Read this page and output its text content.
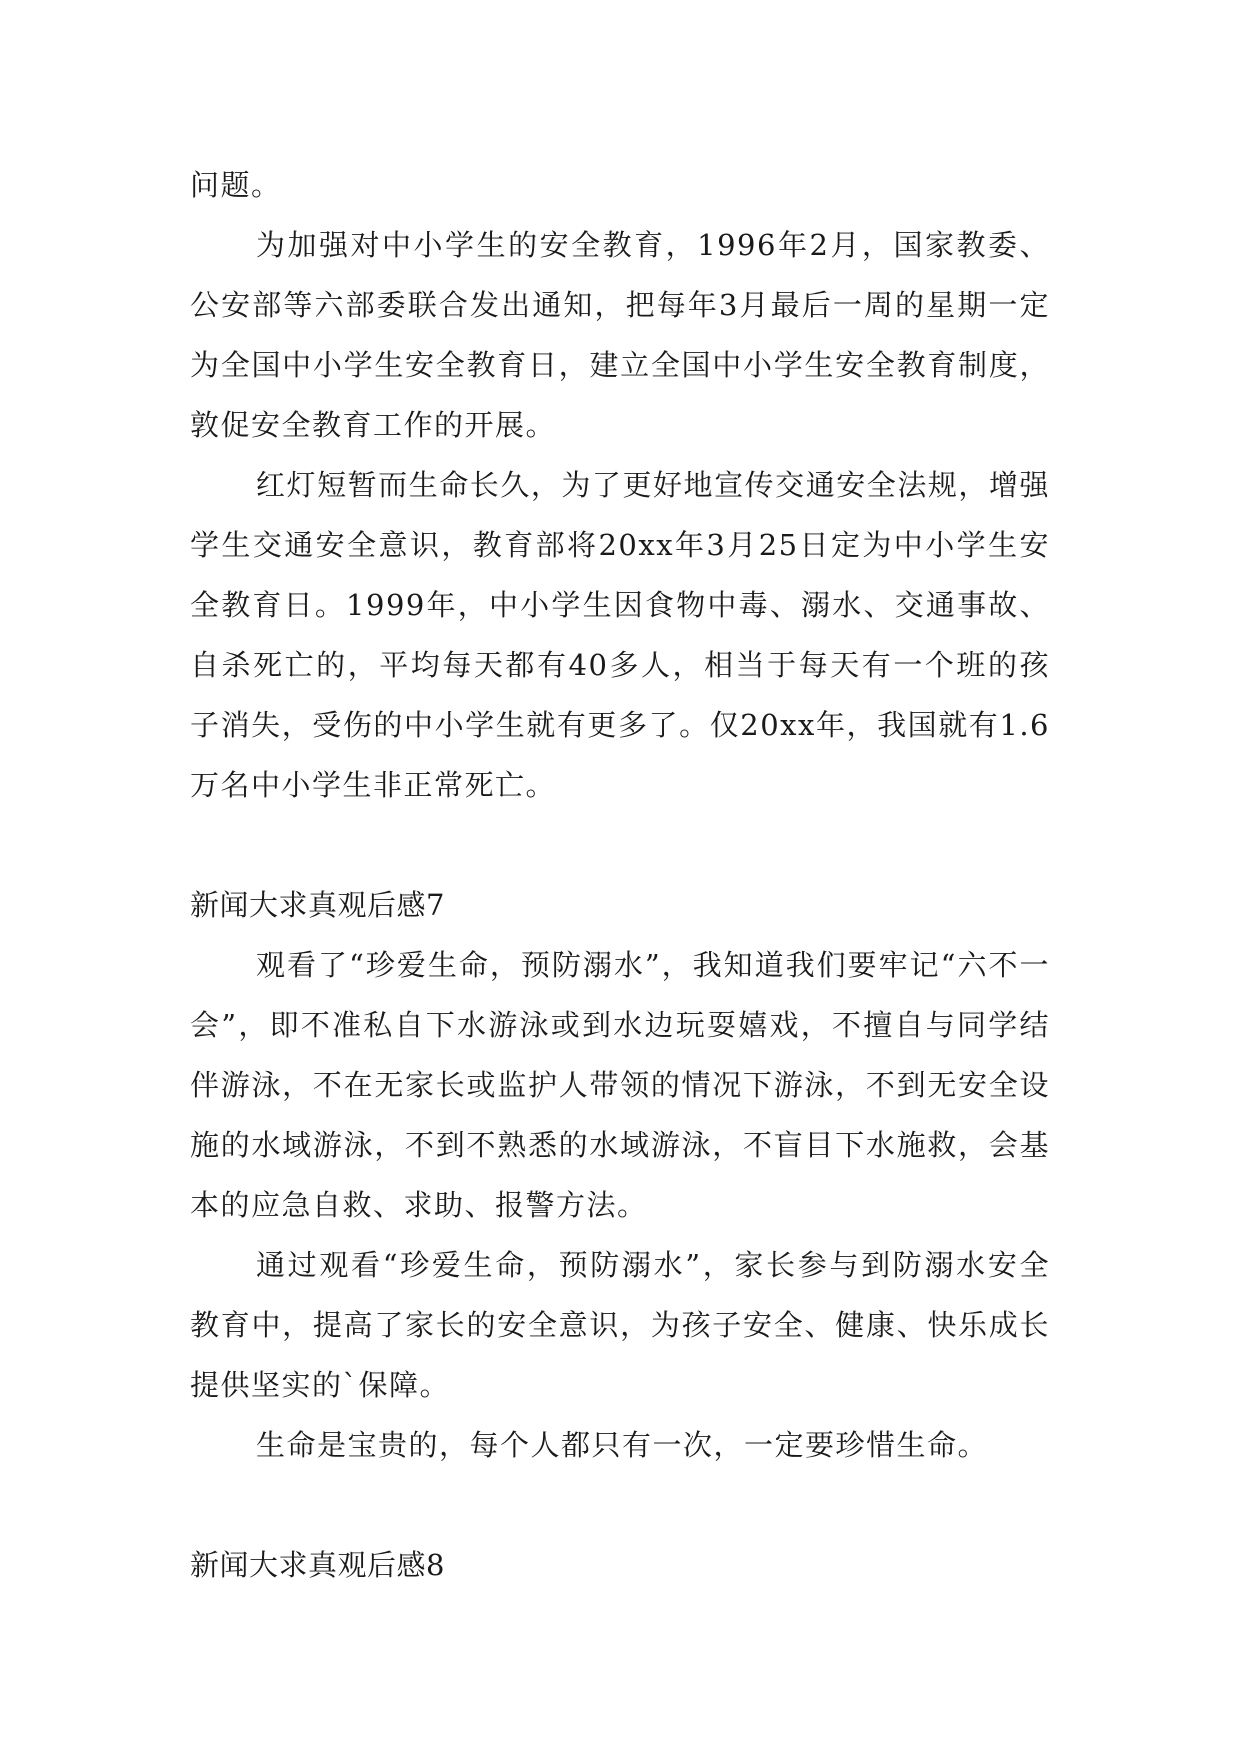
问题。

为加强对中小学生的安全教育，1996年2月，国家教委、公安部等六部委联合发出通知，把每年3月最后一周的星期一定为全国中小学生安全教育日，建立全国中小学生安全教育制度，敦促安全教育工作的开展。

红灯短暂而生命长久，为了更好地宣传交通安全法规，增强学生交通安全意识，教育部将20xx年3月25日定为中小学生安全教育日。1999年，中小学生因食物中毒、溺水、交通事故、自杀死亡的，平均每天都有40多人，相当于每天有一个班的孩子消失，受伤的中小学生就有更多了。仅20xx年，我国就有1.6万名中小学生非正常死亡。

新闻大求真观后感7

观看了“珍爱生命，预防溺水”，我知道我们要牢记“六不一会”，即不准私自下水游泳或到水边玩耍嬉戏，不擅自与同学结伴游泳，不在无家长或监护人带领的情况下游泳，不到无安全设施的水域游泳，不到不熟悉的水域游泳，不盲目下水施救，会基本的应急自救、求助、报警方法。

通过观看“珍爱生命，预防溺水”，家长参与到防溺水安全教育中，提高了家长的安全意识，为孩子安全、健康、快乐成长提供坚实的`保障。

生命是宝贵的，每个人都只有一次，一定要珍惜生命。

新闻大求真观后感8
